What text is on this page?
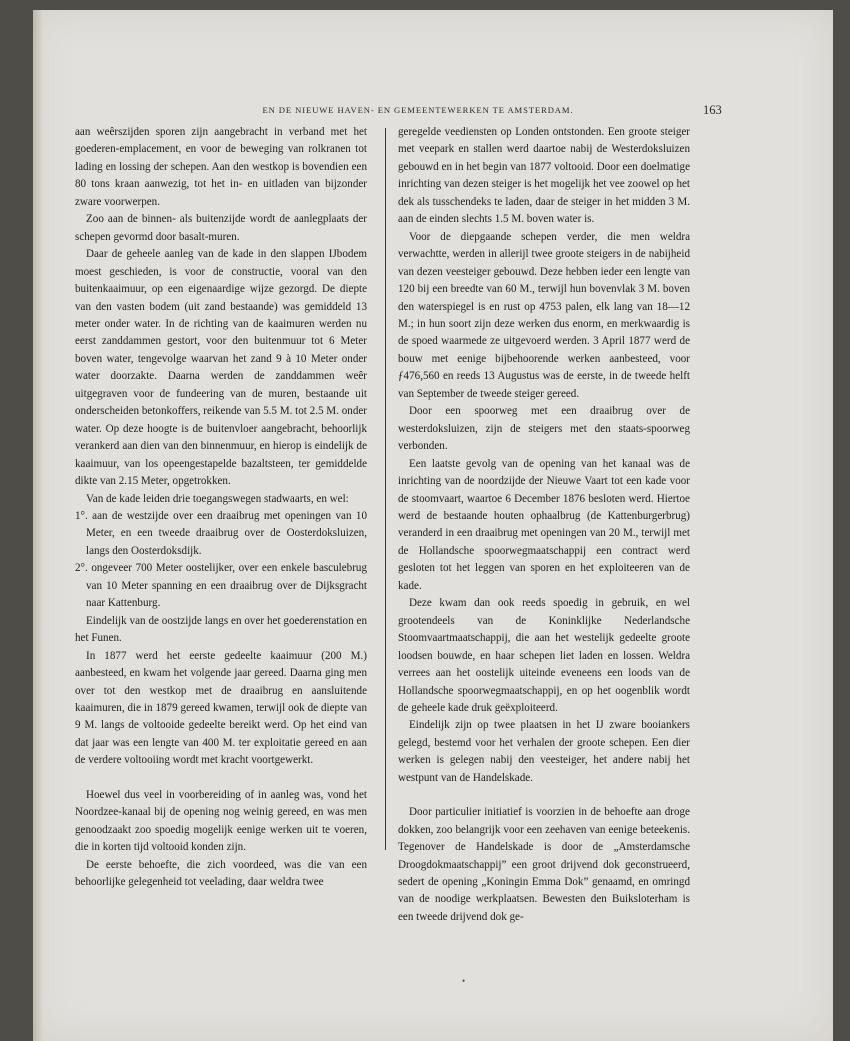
EN DE NIEUWE HAVEN- EN GEMEENTEWERKEN TE AMSTERDAM.	163

aan weêrszijden sporen zijn aangebracht in verband met het goederen-emplacement, en voor de beweging van rolkranen tot lading en lossing der schepen. Aan den westkop is bovendien een 80 tons kraan aanwezig, tot het in- en uitladen van bijzonder zware voorwerpen.

Zoo aan de binnen- als buitenzijde wordt de aanlegplaats der schepen gevormd door basalt-muren.

Daar de geheele aanleg van de kade in den slappen IJbodem moest geschieden, is voor de constructie, vooral van den buitenkaaimuur, op een eigenaardige wijze gezorgd. De diepte van den vasten bodem (uit zand bestaande) was gemiddeld 13 meter onder water. In de richting van de kaaimuren werden nu eerst zanddammen gestort, voor den buitenmuur tot 6 Meter boven water, tengevolge waarvan het zand 9 à 10 Meter onder water doorzakte. Daarna werden de zanddammen weêr uitgegraven voor de fundeering van de muren, bestaande uit onderscheiden betonkoffers, reikende van 5.5 M. tot 2.5 M. onder water. Op deze hoogte is de buitenvloer aangebracht, behoorlijk verankerd aan dien van den binnenmuur, en hierop is eindelijk de kaaimuur, van los opeengestapelde bazaltsteen, ter gemiddelde dikte van 2.15 Meter, opgetrokken.

Van de kade leiden drie toegangswegen stadwaarts, en wel:

1°. aan de westzijde over een draaibrug met openingen van 10 Meter, en een tweede draaibrug over de Oosterdoksluizen, langs den Oosterdoksdijk.

2°. ongeveer 700 Meter oostelijker, over een enkele basculebrug van 10 Meter spanning en een draaibrug over de Dijksgracht naar Kattenburg.

Eindelijk van de oostzijde langs en over het goederenstation en het Funen.

In 1877 werd het eerste gedeelte kaaimuur (200 M.) aanbesteed, en kwam het volgende jaar gereed. Daarna ging men over tot den westkop met de draaibrug en aansluitende kaaimuren, die in 1879 gereed kwamen, terwijl ook de diepte van 9 M. langs de voltooide gedeelte bereikt werd. Op het eind van dat jaar was een lengte van 400 M. ter exploitatie gereed en aan de verdere voltooiing wordt met kracht voortgewerkt.

Hoewel dus veel in voorbereiding of in aanleg was, vond het Noordzee-kanaal bij de opening nog weinig gereed, en was men genoodzaakt zoo spoedig mogelijk eenige werken uit te voeren, die in korten tijd voltooid konden zijn.

De eerste behoefte, die zich voordeed, was die van een behoorlijke gelegenheid tot veelading, daar weldra twee

geregelde veediensten op Londen ontstonden. Een groote steiger met veepark en stallen werd daartoe nabij de Westerdoksluizen gebouwd en in het begin van 1877 voltooid. Door een doelmatige inrichting van dezen steiger is het mogelijk het vee zoowel op het dek als tusschendeks te laden, daar de steiger in het midden 3 M. aan de einden slechts 1.5 M. boven water is.

Voor de diepgaande schepen verder, die men weldra verwachtte, werden in allerijl twee groote steigers in de nabijheid van dezen veesteiger gebouwd. Deze hebben ieder een lengte van 120 bij een breedte van 60 M., terwijl hun bovenvlak 3 M. boven den waterspiegel is en rust op 4753 palen, elk lang van 18—12 M.; in hun soort zijn deze werken dus enorm, en merkwaardig is de spoed waarmede ze uitgevoerd werden. 3 April 1877 werd de bouw met eenige bijbehoorende werken aanbesteed, voor ƒ476,560 en reeds 13 Augustus was de eerste, in de tweede helft van September de tweede steiger gereed.

Door een spoorweg met een draaibrug over de westerdoksluizen, zijn de steigers met den staats-spoorweg verbonden.

Een laatste gevolg van de opening van het kanaal was de inrichting van de noordzijde der Nieuwe Vaart tot een kade voor de stoomvaart, waartoe 6 December 1876 besloten werd. Hiertoe werd de bestaande houten ophaalbrug (de Kattenburgerbrug) veranderd in een draaibrug met openingen van 20 M., terwijl met de Hollandsche spoorwegmaatschappij een contract werd gesloten tot het leggen van sporen en het exploiteeren van de kade.

Deze kwam dan ook reeds spoedig in gebruik, en wel grootendeels van de Koninklijke Nederlandsche Stoomvaartmaatschappij, die aan het westelijk gedeelte groote loodsen bouwde, en haar schepen liet laden en lossen. Weldra verrees aan het oostelijk uiteinde eveneens een loods van de Hollandsche spoorwegmaatschappij, en op het oogenblik wordt de geheele kade druk geëxploiteerd.

Eindelijk zijn op twee plaatsen in het IJ zware booiankers gelegd, bestemd voor het verhalen der groote schepen. Een dier werken is gelegen nabij den veesteiger, het andere nabij het westpunt van de Handelskade.

Door particulier initiatief is voorzien in de behoefte aan droge dokken, zoo belangrijk voor een zeehaven van eenige beteekenis. Tegenover de Handelskade is door de „Amsterdamsche Droogdokmaatschappij” een groot drijvend dok geconstrueerd, sedert de opening „Koningin Emma Dok” genaamd, en omringd van de noodige werkplaatsen. Bewesten den Buiksloterham is een tweede drijvend dok ge-

•
